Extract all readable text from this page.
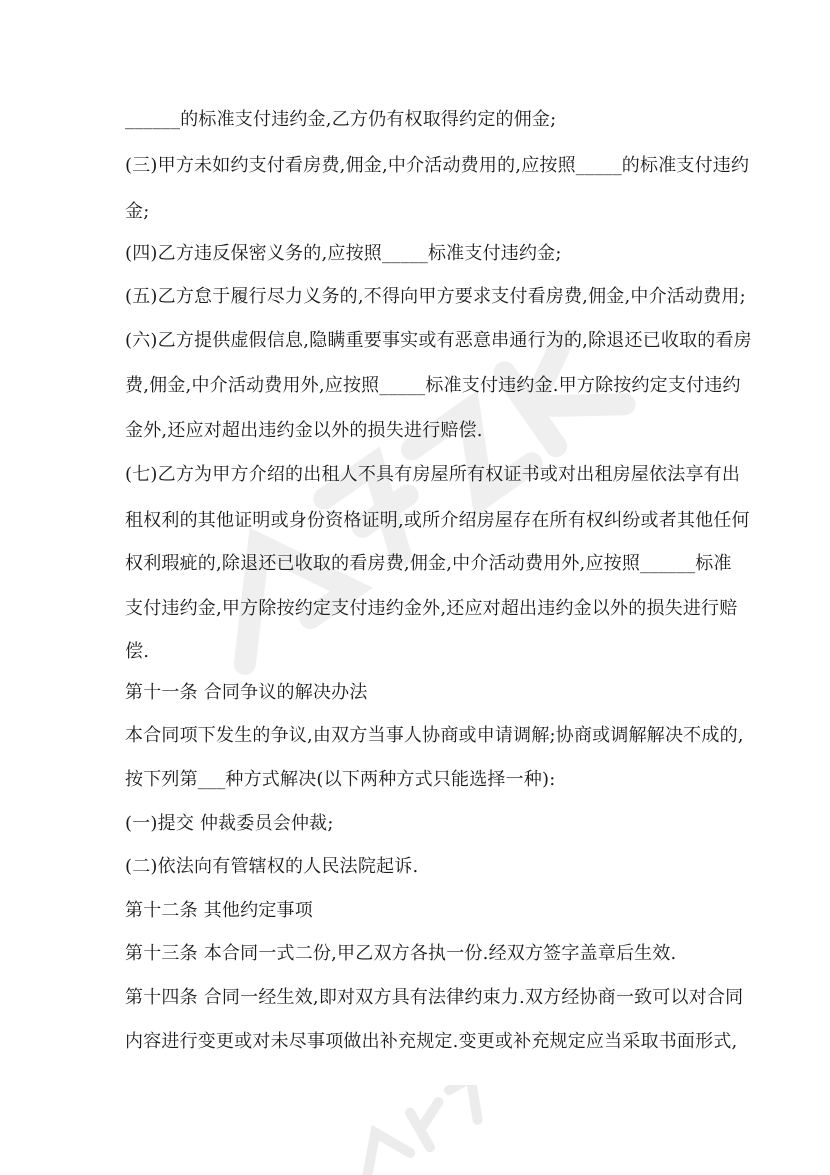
______的标准支付违约金,乙方仍有权取得约定的佣金;
(三)甲方未如约支付看房费,佣金,中介活动费用的,应按照_____的标准支付违约
金;
(四)乙方违反保密义务的,应按照_____标准支付违约金;
(五)乙方怠于履行尽力义务的,不得向甲方要求支付看房费,佣金,中介活动费用;
(六)乙方提供虚假信息,隐瞒重要事实或有恶意串通行为的,除退还已收取的看房
费,佣金,中介活动费用外,应按照_____标准支付违约金.甲方除按约定支付违约
金外,还应对超出违约金以外的损失进行赔偿.
(七)乙方为甲方介绍的出租人不具有房屋所有权证书或对出租房屋依法享有出
租权利的其他证明或身份资格证明,或所介绍房屋存在所有权纠纷或者其他任何
权利瑕疵的,除退还已收取的看房费,佣金,中介活动费用外,应按照______标准
支付违约金,甲方除按约定支付违约金外,还应对超出违约金以外的损失进行赔
偿.
第十一条 合同争议的解决办法
本合同项下发生的争议,由双方当事人协商或申请调解;协商或调解解决不成的,
按下列第___种方式解决(以下两种方式只能选择一种):
(一)提交 仲裁委员会仲裁;
(二)依法向有管辖权的人民法院起诉.
第十二条 其他约定事项
第十三条 本合同一式二份,甲乙双方各执一份.经双方签字盖章后生效.
第十四条 合同一经生效,即对双方具有法律约束力.双方经协商一致可以对合同
内容进行变更或对未尽事项做出补充规定.变更或补充规定应当采取书面形式,
